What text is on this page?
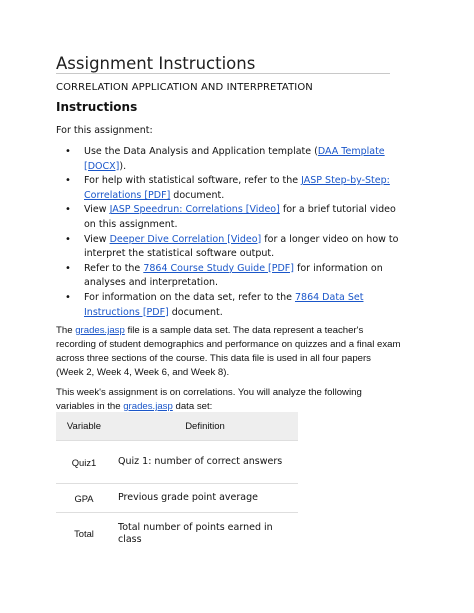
Assignment Instructions

CORRELATION APPLICATION AND INTERPRETATION

Instructions

For this assignment:

• Use the Data Analysis and Application template (DAA Template [DOCX]).
• For help with statistical software, refer to the JASP Step-by-Step: Correlations [PDF] document.
• View JASP Speedrun: Correlations [Video] for a brief tutorial video on this assignment.
• View Deeper Dive Correlation [Video] for a longer video on how to interpret the statistical software output.
• Refer to the 7864 Course Study Guide [PDF] for information on analyses and interpretation.
• For information on the data set, refer to the 7864 Data Set Instructions [PDF] document.

The grades.jasp file is a sample data set. The data represent a teacher's recording of student demographics and performance on quizzes and a final exam across three sections of the course. This data file is used in all four papers (Week 2, Week 4, Week 6, and Week 8).

This week's assignment is on correlations. You will analyze the following variables in the grades.jasp data set:

Variable	Definition
Quiz1	Quiz 1: number of correct answers
GPA	Previous grade point average
Total	Total number of points earned in class
